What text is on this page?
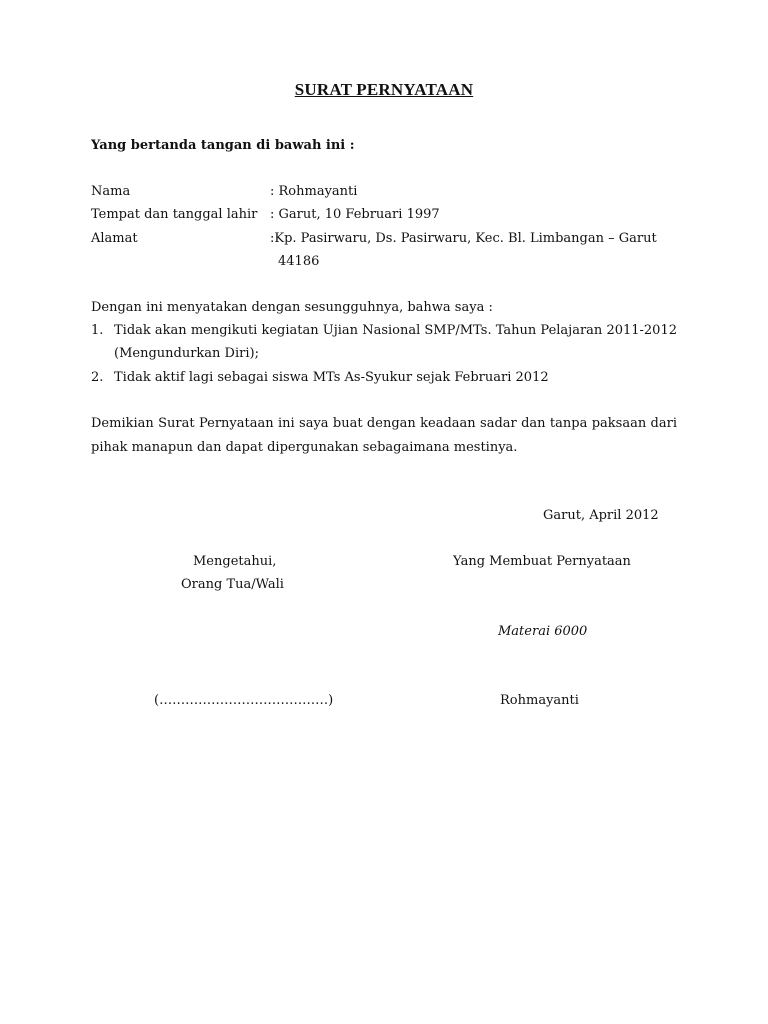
SURAT PERNYATAAN
Yang bertanda tangan di bawah ini :
Nama	: Rohmayanti
Tempat dan tanggal lahir : Garut, 10 Februari 1997
Alamat	:Kp. Pasirwaru, Ds. Pasirwaru, Kec. Bl. Limbangan – Garut
44186
Dengan ini menyatakan dengan sesungguhnya, bahwa saya :
1. Tidak akan mengikuti kegiatan Ujian Nasional SMP/MTs. Tahun Pelajaran 2011-2012
(Mengundurkan Diri);
2. Tidak aktif lagi sebagai siswa MTs As-Syukur sejak Februari 2012
Demikian Surat Pernyataan ini saya buat dengan keadaan sadar dan tanpa paksaan dari
pihak manapun dan dapat dipergunakan sebagaimana mestinya.
Garut, April 2012
Mengetahui,
Orang Tua/Wali
Yang Membuat Pernyataan
Materai 6000
(…………………………………)	Rohmayanti
